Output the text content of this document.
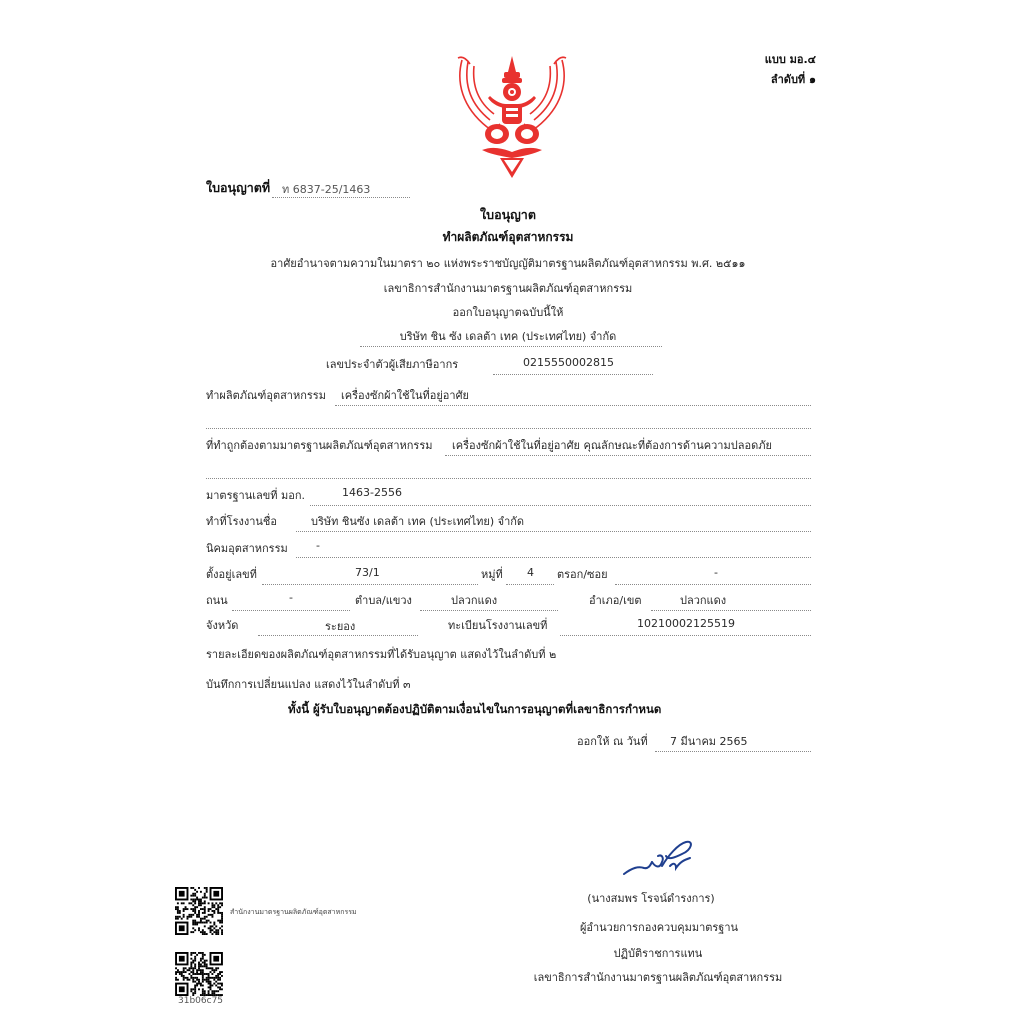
แบบ มอ.๔
ลำดับที่ ๑
ใบอนุญาตที่ ท 6837-25/1463
ใบอนุญาต
ทำผลิตภัณฑ์อุตสาหกรรม
อาศัยอำนาจตามความในมาตรา ๒๐ แห่งพระราชบัญญัติมาตรฐานผลิตภัณฑ์อุตสาหกรรม พ.ศ. ๒๕๑๑
เลขาธิการสำนักงานมาตรฐานผลิตภัณฑ์อุตสาหกรรม
ออกใบอนุญาตฉบับนี้ให้
บริษัท ชิน ซัง เดลต้า เทค (ประเทศไทย) จำกัด
เลขประจำตัวผู้เสียภาษีอากร	0215550002815
ทำผลิตภัณฑ์อุตสาหกรรม เครื่องซักผ้าใช้ในที่อยู่อาศัย
ที่ทำถูกต้องตามมาตรฐานผลิตภัณฑ์อุตสาหกรรม เครื่องซักผ้าใช้ในที่อยู่อาศัย คุณลักษณะที่ต้องการด้านความปลอดภัย
มาตรฐานเลขที่ มอก.	1463-2556
ทำที่โรงงานชื่อ	บริษัท ชินซัง เดลต้า เทค (ประเทศไทย) จำกัด
นิคมอุตสาหกรรม	-
ตั้งอยู่เลขที่	73/1	หมู่ที่ 4 ตรอก/ซอย	-
ถนน	-	ตำบล/แขวง	ปลวกแดง	อำเภอ/เขต	ปลวกแดง
จังหวัด	ระยอง	ทะเบียนโรงงานเลขที่	10210002125519
รายละเอียดของผลิตภัณฑ์อุตสาหกรรมที่ได้รับอนุญาต แสดงไว้ในลำดับที่ ๒
บันทึกการเปลี่ยนแปลง แสดงไว้ในลำดับที่ ๓
ทั้งนี้ ผู้รับใบอนุญาตต้องปฏิบัติตามเงื่อนไขในการอนุญาตที่เลขาธิการกำหนด
ออกให้ ณ วันที่ 7 มีนาคม 2565
(นางสมพร โรจน์ดำรงการ)
ผู้อำนวยการกองควบคุมมาตรฐาน
ปฏิบัติราชการแทน
เลขาธิการสำนักงานมาตรฐานผลิตภัณฑ์อุตสาหกรรม
สำนักงานมาตรฐานผลิตภัณฑ์อุตสาหกรรม
31b06c75
